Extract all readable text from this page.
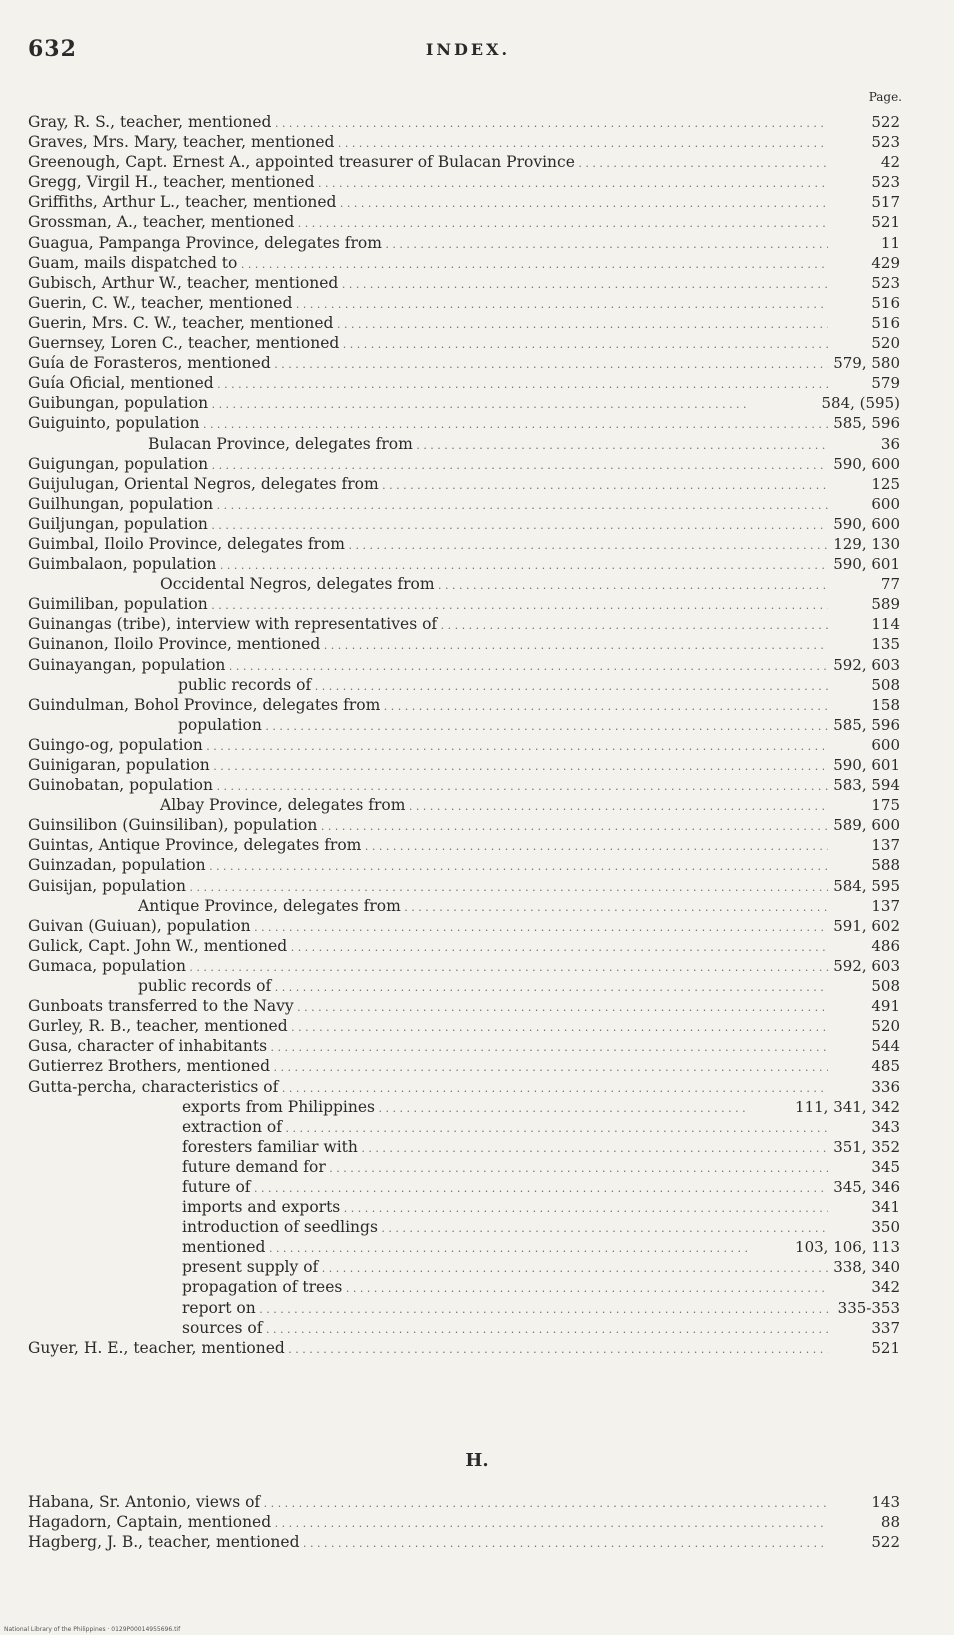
632	INDEX.
Page.
Gray, R. S., teacher, mentioned . . .	522
Graves, Mrs. Mary, teacher, mentioned . . .	523
Greenough, Capt. Ernest A., appointed treasurer of Bulacan Province . . .	42
Gregg, Virgil H., teacher, mentioned . . .	523
Griffiths, Arthur L., teacher, mentioned . . .	517
Grossman, A., teacher, mentioned . . .	521
Guagua, Pampanga Province, delegates from . . .	11
Guam, mails dispatched to . . .	429
Gubisch, Arthur W., teacher, mentioned . . .	523
Guerin, C. W., teacher, mentioned . . .	516
Guerin, Mrs. C. W., teacher, mentioned . . .	516
Guernsey, Loren C., teacher, mentioned . . .	520
Guía de Forasteros, mentioned . . .	579, 580
Guía Oficial, mentioned . . .	579
Guibungan, population . . .	584, (595)
Guiguinto, population . . .	585, 596
Bulacan Province, delegates from . . .	36
Guigungan, population . . .	590, 600
Guijulugan, Oriental Negros, delegates from . . .	125
Guilhungan, population . . .	600
Guiljungan, population . . .	590, 600
Guimbal, Iloilo Province, delegates from . . .	129, 130
Guimbalaon, population . . .	590, 601
Occidental Negros, delegates from . . .	77
Guimiliban, population . . .	589
Guinangas (tribe), interview with representatives of . . .	114
Guinanon, Iloilo Province, mentioned . . .	135
Guinayangan, population . . .	592, 603
public records of . . .	508
Guindulman, Bohol Province, delegates from . . .	158
population . . .	585, 596
Guingo-og, population . . .	600
Guinigaran, population . . .	590, 601
Guinobatan, population . . .	583, 594
Albay Province, delegates from . . .	175
Guinsilibon (Guinsiliban), population . . .	589, 600
Guintas, Antique Province, delegates from . . .	137
Guinzadan, population . . .	588
Guisijan, population . . .	584, 595
Antique Province, delegates from . . .	137
Guivan (Guiuan), population . . .	591, 602
Gulick, Capt. John W., mentioned . . .	486
Gumaca, population . . .	592, 603
public records of . . .	508
Gunboats transferred to the Navy . . .	491
Gurley, R. B., teacher, mentioned . . .	520
Gusa, character of inhabitants . . .	544
Gutierrez Brothers, mentioned . . .	485
Gutta-percha, characteristics of . . .	336
exports from Philippines . . .	111, 341, 342
extraction of . . .	343
foresters familiar with . . .	351, 352
future demand for . . .	345
future of . . .	345, 346
imports and exports . . .	341
introduction of seedlings . . .	350
mentioned . . .	103, 106, 113
present supply of . . .	338, 340
propagation of trees . . .	342
report on . . .	335-353
sources of . . .	337
Guyer, H. E., teacher, mentioned . . .	521
H.
Habana, Sr. Antonio, views of . . .	143
Hagadorn, Captain, mentioned . . .	88
Hagberg, J. B., teacher, mentioned . . .	522
National Library of the Philippines · 0129P00014955696.tif
